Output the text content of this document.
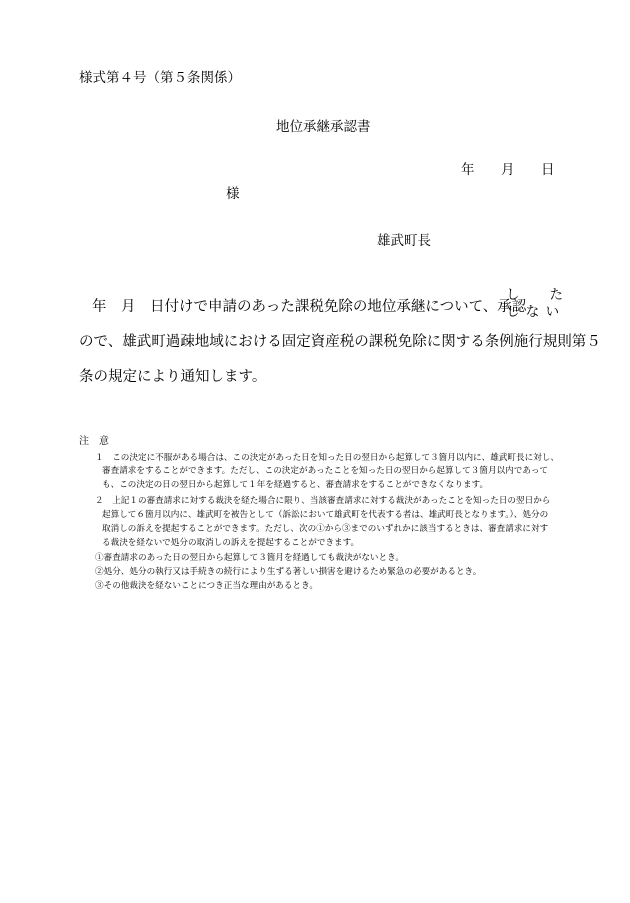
様式第４号（第５条関係）
地位承継承認書
年 月 日
様
雄武町長
年　月　日付けで申請のあった課税免除の地位承継について、承認
し　　た
し な い
ので、雄武町過疎地域における固定資産税の課税免除に関する条例施行規則第５
条の規定により通知します。
注　意
１　この決定に不服がある場合は、この決定があった日を知った日の翌日から起算して３箇月以内に、雄武町長に対し、
審査請求をすることができます。ただし、この決定があったことを知った日の翌日から起算して３箇月以内であって
も、この決定の日の翌日から起算して１年を経過すると、審査請求をすることができなくなります。
２　上記１の審査請求に対する裁決を経た場合に限り、当該審査請求に対する裁決があったことを知った日の翌日から
起算して６箇月以内に、雄武町を被告として（訴訟において雄武町を代表する者は、雄武町長となります。）、処分の
取消しの訴えを提起することができます。ただし、次の①から③までのいずれかに該当するときは、審査請求に対す
る裁決を経ないで処分の取消しの訴えを提起することができます。
①審査請求のあった日の翌日から起算して３箇月を経過しても裁決がないとき。
②処分、処分の執行又は手続きの続行により生ずる著しい損害を避けるため緊急の必要があるとき。
③その他裁決を経ないことにつき正当な理由があるとき。
